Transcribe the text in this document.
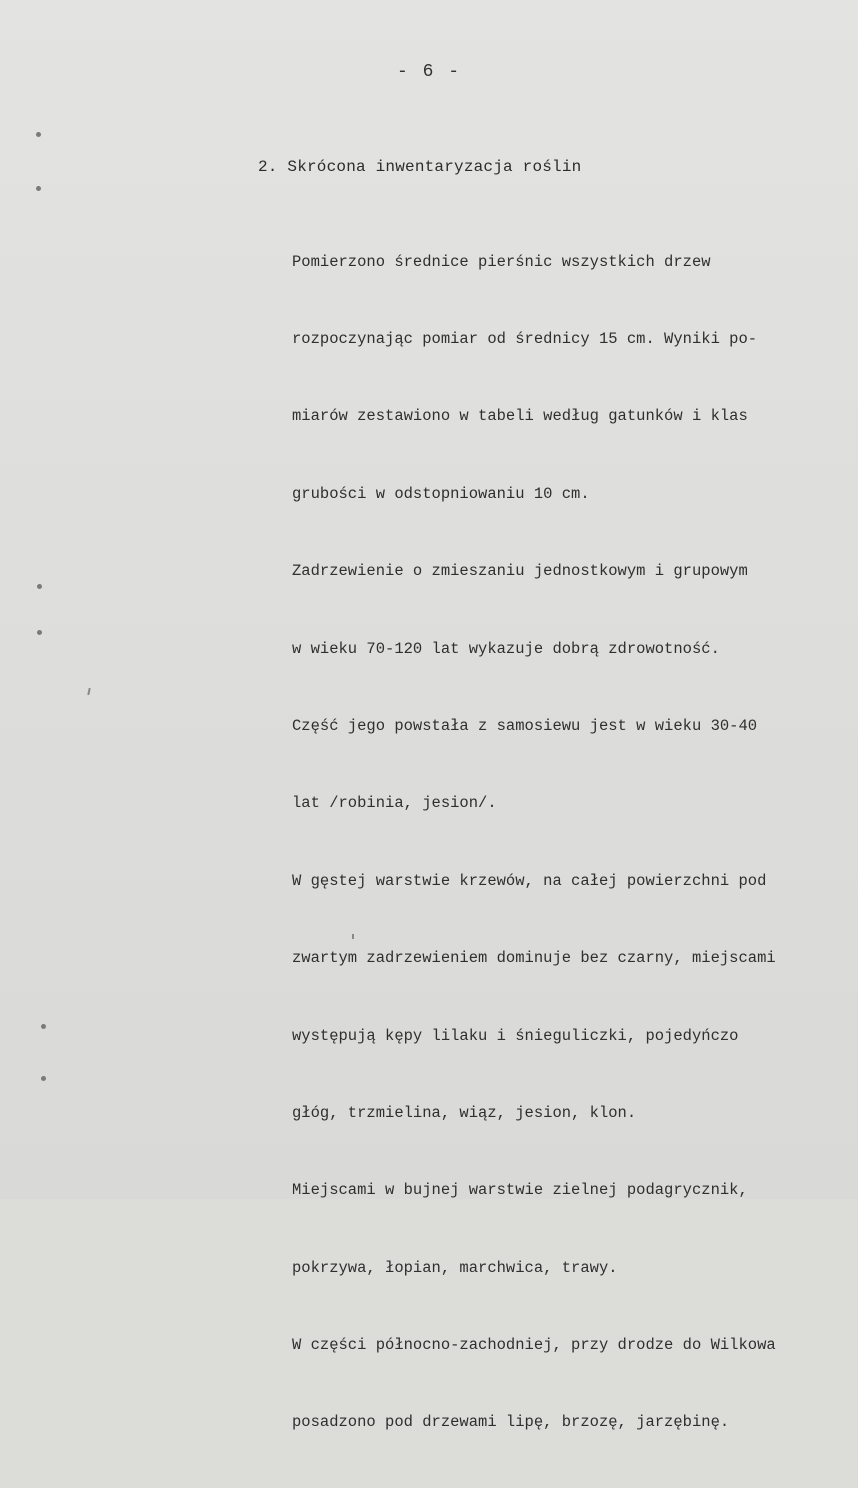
- 6 -
2. Skrócona inwentaryzacja roślin

Pomierzono średnice pierśnic wszystkich drzew

rozpoczynając pomiar od średnicy 15 cm. Wyniki po-

miarów zestawiono w tabeli według gatunków i klas

grubości w odstopniowaniu 10 cm.

Zadrzewienie o zmieszaniu jednostkowym i grupowym

w wieku 70-120 lat wykazuje dobrą zdrowotność.

Część jego powstała z samosiewu jest w wieku 30-40

lat /robinia, jesion/.

W gęstej warstwie krzewów, na całej powierzchni pod

zwartym zadrzewieniem dominuje bez czarny, miejscami

występują kępy lilaku i śnieguliczki, pojedyńczo

głóg, trzmielina, wiąz, jesion, klon.

Miejscami w bujnej warstwie zielnej podagrycznik,

pokrzywa, łopian, marchwica, trawy.

W części północno-zachodniej, przy drodze do Wilkowa

posadzono pod drzewami lipę, brzozę, jarzębinę.
